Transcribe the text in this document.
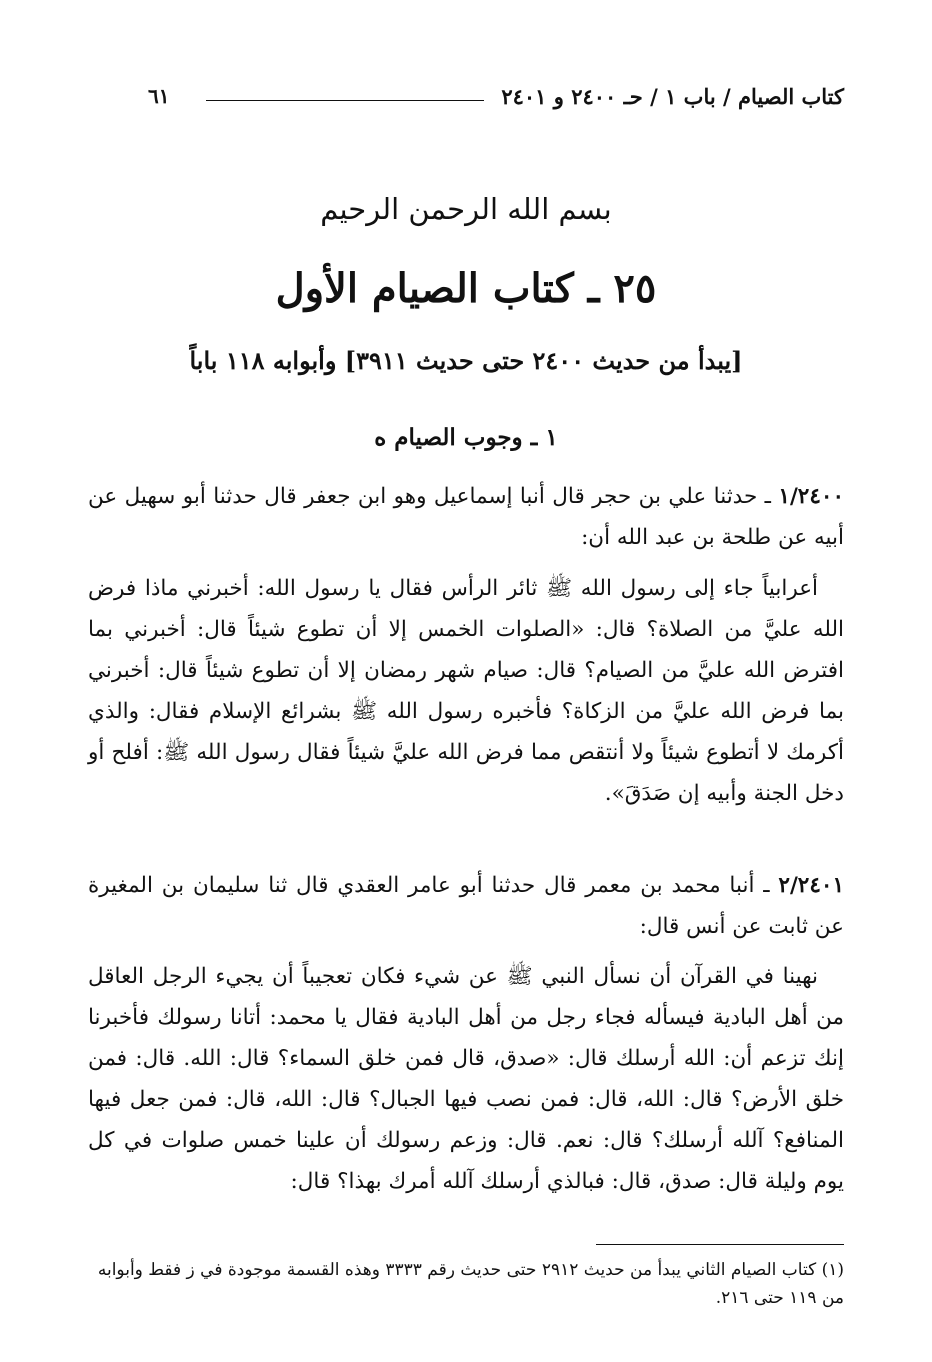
كتاب الصيام / باب ١ / حـ ٢٤٠٠ و ٢٤٠١
٦١
بسم الله الرحمن الرحيم
٢٥ ـ كتاب الصيام الأول
[يبدأ من حديث ٢٤٠٠ حتى حديث ٣٩١١] وأبوابه ١١٨ باباً
١ ـ وجوب الصيام ه

١/٢٤٠٠ ـ حدثنا علي بن حجر قال أنبا إسماعيل وهو ابن جعفر قال حدثنا أبو سهيل عن أبيه عن طلحة بن عبد الله أن:

أعرابياً جاء إلى رسول الله ﷺ ثائر الرأس فقال يا رسول الله: أخبرني ماذا فرض الله عليَّ من الصلاة؟ قال: «الصلوات الخمس إلا أن تطوع شيئاً قال: أخبرني بما افترض الله عليَّ من الصيام؟ قال: صيام شهر رمضان إلا أن تطوع شيئاً قال: أخبرني بما فرض الله عليَّ من الزكاة؟ فأخبره رسول الله ﷺ بشرائع الإسلام فقال: والذي أكرمك لا أتطوع شيئاً ولا أنتقص مما فرض الله عليَّ شيئاً فقال رسول الله ﷺ: أفلح أو دخل الجنة وأبيه إن صَدَقَ».

٢/٢٤٠١ ـ أنبا محمد بن معمر قال حدثنا أبو عامر العقدي قال ثنا سليمان بن المغيرة عن ثابت عن أنس قال:

نهينا في القرآن أن نسأل النبي ﷺ عن شيء فكان تعجيباً أن يجيء الرجل العاقل من أهل البادية فيسأله فجاء رجل من أهل البادية فقال يا محمد: أتانا رسولك فأخبرنا إنك تزعم أن: الله أرسلك قال: «صدق، قال فمن خلق السماء؟ قال: الله. قال: فمن خلق الأرض؟ قال: الله، قال: فمن نصب فيها الجبال؟ قال: الله، قال: فمن جعل فيها المنافع؟ آلله أرسلك؟ قال: نعم. قال: وزعم رسولك أن علينا خمس صلوات في كل يوم وليلة قال: صدق، قال: فبالذي أرسلك آلله أمرك بهذا؟ قال:

(١) كتاب الصيام الثاني يبدأ من حديث ٢٩١٢ حتى حديث رقم ٣٣٣٣ وهذه القسمة موجودة في ز فقط وأبوابه من ١١٩ حتى ٢١٦.
